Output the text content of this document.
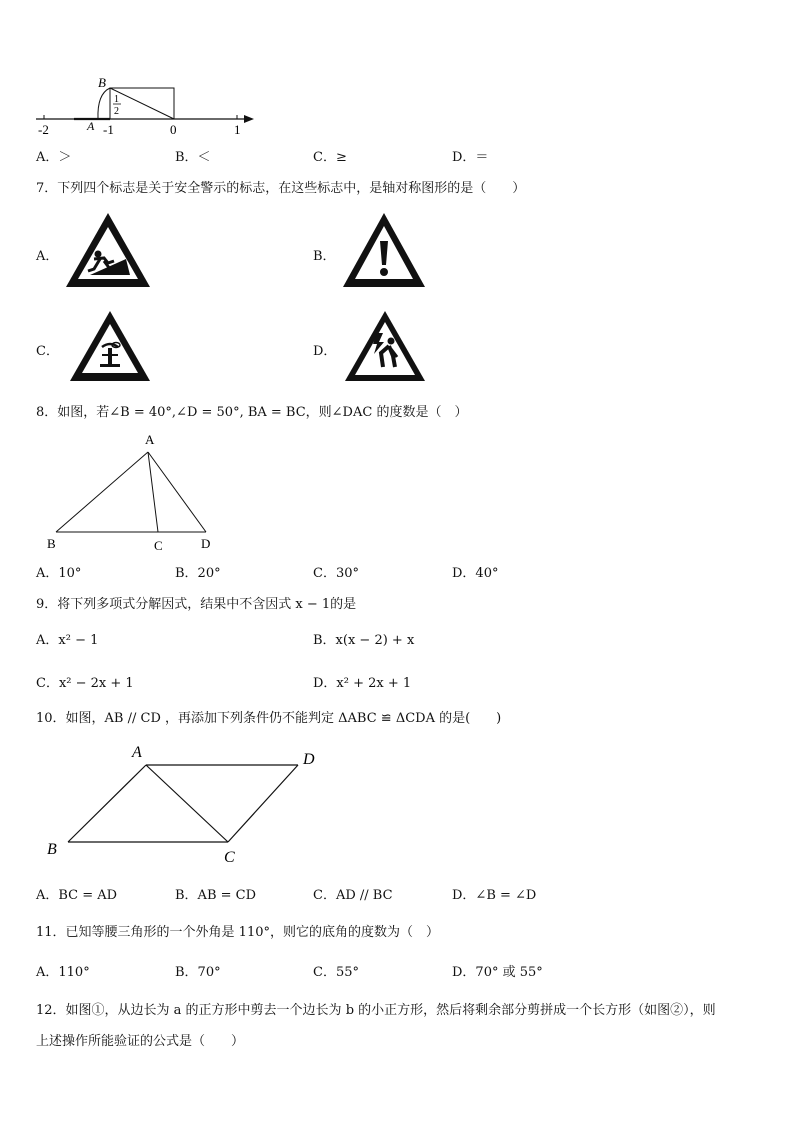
B
A
1
2
-2	-1	0	1
A．＞	B．＜	C．≥	D．＝
7．下列四个标志是关于安全警示的标志，在这些标志中，是轴对称图形的是（　　）
A．	B．
C．	D．
8．如图，若∠B = 40°,∠D = 50°, BA = BC，则∠DAC 的度数是（　）
A
B	C	D
A．10°	B．20°	C．30°	D．40°
9．将下列多项式分解因式，结果中不含因式 x − 1的是
A．x² − 1	B．x(x − 2) + x
C．x² − 2x + 1	D．x² + 2x + 1
10．如图，AB // CD ，再添加下列条件仍不能判定 ΔABC ≌ ΔCDA 的是(　　)
A	D
B	C
A．BC = AD	B．AB = CD	C．AD // BC	D．∠B = ∠D
11．已知等腰三角形的一个外角是 110°，则它的底角的度数为（　）
A．110°	B．70°	C．55°	D．70° 或 55°
12．如图①，从边长为 a 的正方形中剪去一个边长为 b 的小正方形，然后将剩余部分剪拼成一个长方形（如图②），则
上述操作所能验证的公式是（　　）
